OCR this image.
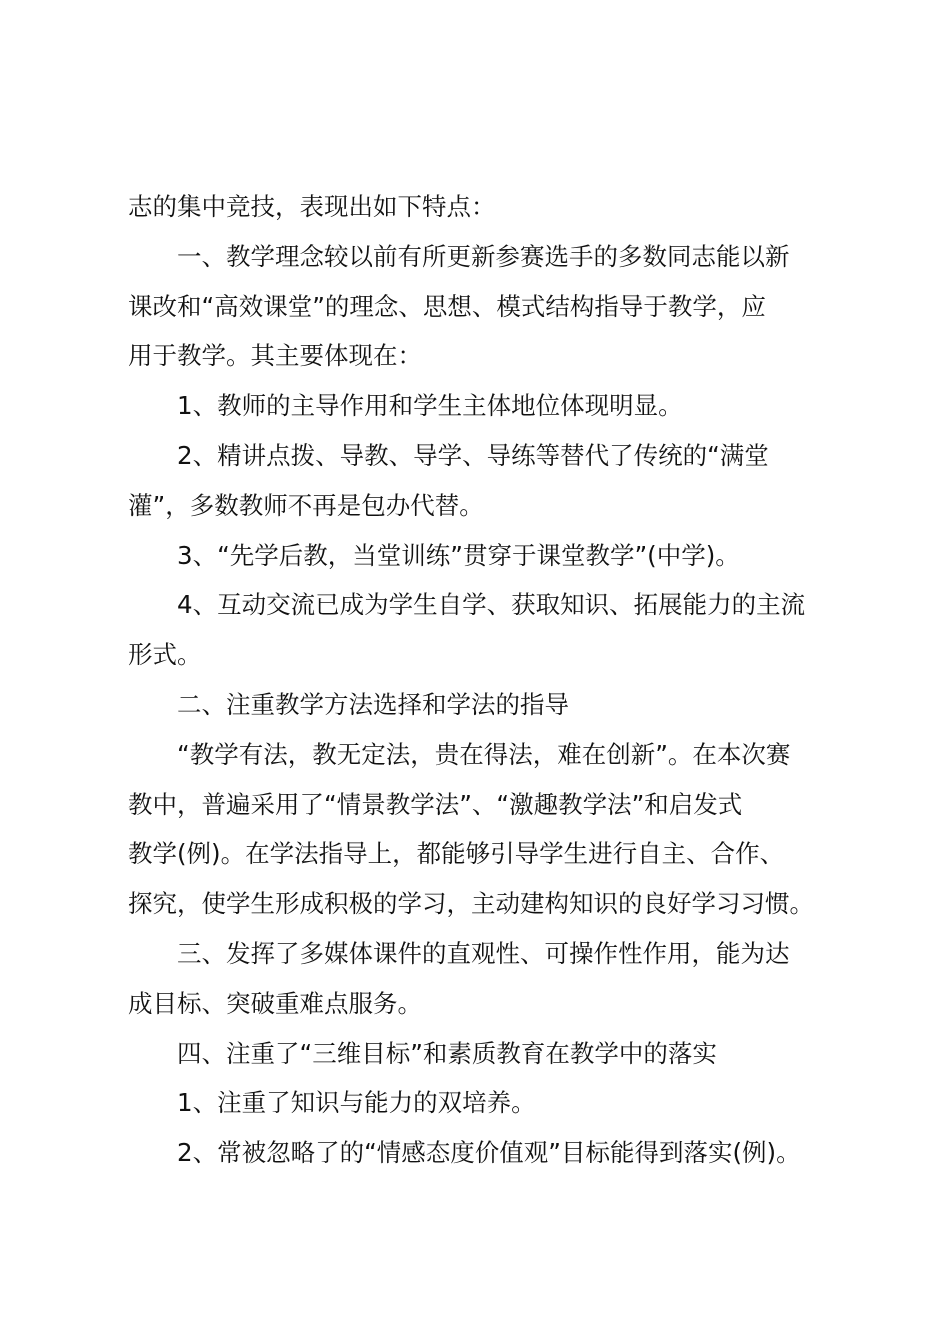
志的集中竞技，表现出如下特点：

一、教学理念较以前有所更新参赛选手的多数同志能以新
课改和“高效课堂”的理念、思想、模式结构指导于教学，应
用于教学。其主要体现在：

1、教师的主导作用和学生主体地位体现明显。

2、精讲点拨、导教、导学、导练等替代了传统的“满堂
灌”，多数教师不再是包办代替。

3、“先学后教，当堂训练”贯穿于课堂教学”(中学)。

4、互动交流已成为学生自学、获取知识、拓展能力的主流
形式。

二、注重教学方法选择和学法的指导

“教学有法，教无定法，贵在得法，难在创新”。在本次赛
教中，普遍采用了“情景教学法”、“激趣教学法”和启发式
教学(例)。在学法指导上，都能够引导学生进行自主、合作、
探究，使学生形成积极的学习，主动建构知识的良好学习习惯。

三、发挥了多媒体课件的直观性、可操作性作用，能为达
成目标、突破重难点服务。

四、注重了“三维目标”和素质教育在教学中的落实

1、注重了知识与能力的双培养。

2、常被忽略了的“情感态度价值观”目标能得到落实(例)。
